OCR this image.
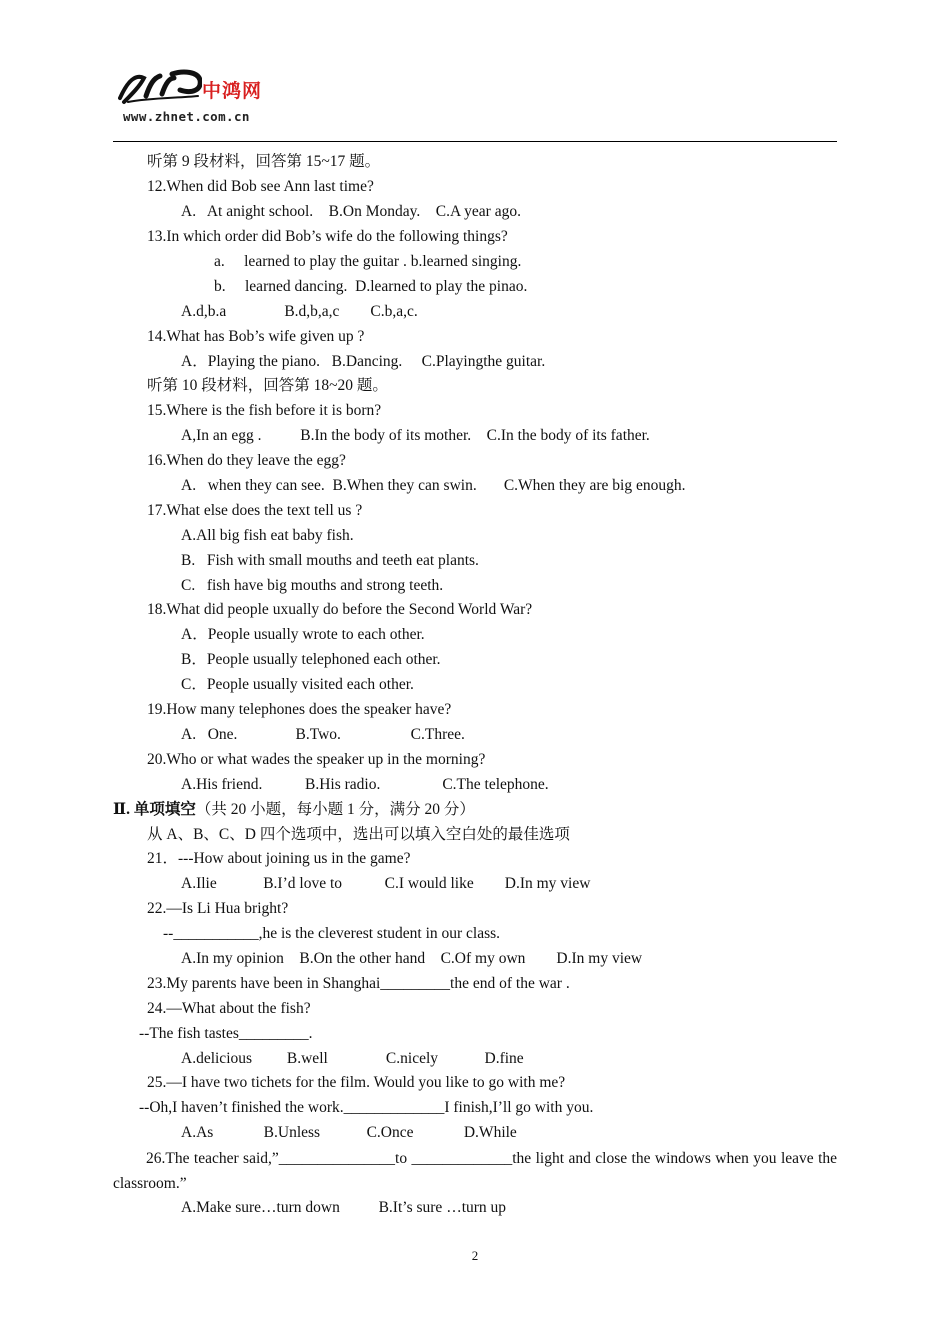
中鸿网
www.zhnet.com.cn
听第 9 段材料，回答第 15~17 题。
12.When did Bob see Ann last time?
A.   At anight school.    B.On Monday.    C.A year ago.
13.In which order did Bob’s wife do the following things?
a.     learned to play the guitar . b.learned singing.
b.     learned dancing.  D.learned to play the pinao.
A.d,b.a               B.d,b,a,c        C.b,a,c.
14.What has Bob’s wife given up ?
A．Playing the piano.   B.Dancing.     C.Playingthe guitar.
听第 10 段材料，回答第 18~20 题。
15.Where is the fish before it is born?
A,In an egg .          B.In the body of its mother.    C.In the body of its father.
16.When do they leave the egg?
A.   when they can see.  B.When they can swin.       C.When they are big enough.
17.What else does the text tell us ?
A.All big fish eat baby fish.
B.   Fish with small mouths and teeth eat plants.
C.   fish have big mouths and strong teeth.
18.What did people uxually do before the Second World War?
A．People usually wrote to each other.
B．People usually telephoned each other.
C．People usually visited each other.
19.How many telephones does the speaker have?
A.   One.               B.Two.                  C.Three.
20.Who or what wades the speaker up in the morning?
A.His friend.           B.His radio.                C.The telephone.
Ⅱ. 单项填空（共 20 小题，每小题 1 分，满分 20 分）
从 A、B、C、D 四个选项中，选出可以填入空白处的最佳选项
21．---How about joining us in the game?
A.Ilie            B.I’d love to           C.I would like        D.In my view
22.—Is Li Hua bright?
--___________,he is the cleverest student in our class.
A.In my opinion    B.On the other hand    C.Of my own        D.In my view
23.My parents have been in Shanghai_________the end of the war .
24.—What about the fish?
--The fish tastes_________.
A.delicious         B.well               C.nicely            D.fine
25.—I have two tichets for the film. Would you like to go with me?
--Oh,I haven’t finished the work._____________I finish,I’ll go with you.
A.As             B.Unless            C.Once             D.While
26.The teacher said,”_______________to _____________the light and close the windows when you leave the classroom.”
A.Make sure…turn down          B.It’s sure …turn up
2
